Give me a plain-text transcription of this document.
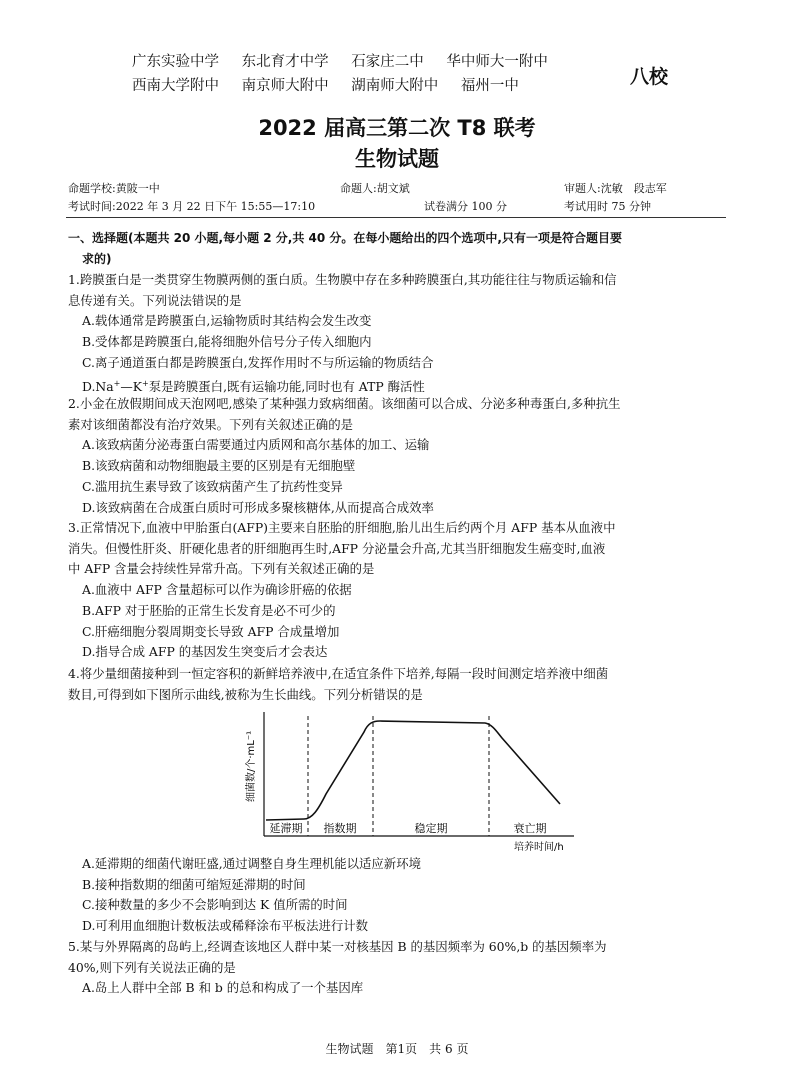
广东实验中学 东北育才中学 石家庄二中 华中师大一附中
西南大学附中 南京师大附中 湖南师大附中 福州一中	八校
2022 届高三第二次 T8 联考
生物试题
命题学校:黄陂一中	命题人:胡文斌	审题人:沈敏　段志军
考试时间:2022 年 3 月 22 日下午 15:55—17:10	试卷满分 100 分	考试用时 75 分钟
一、选择题(本题共 20 小题,每小题 2 分,共 40 分。在每小题给出的四个选项中,只有一项是符合题目要
求的)
1.跨膜蛋白是一类贯穿生物膜两侧的蛋白质。生物膜中存在多种跨膜蛋白,其功能往往与物质运输和信
息传递有关。下列说法错误的是
A.载体通常是跨膜蛋白,运输物质时其结构会发生改变
B.受体都是跨膜蛋白,能将细胞外信号分子传入细胞内
C.离子通道蛋白都是跨膜蛋白,发挥作用时不与所运输的物质结合
D.Na+—K+泵是跨膜蛋白,既有运输功能,同时也有 ATP 酶活性
2.小金在放假期间成天泡网吧,感染了某种强力致病细菌。该细菌可以合成、分泌多种毒蛋白,多种抗生
素对该细菌都没有治疗效果。下列有关叙述正确的是
A.该致病菌分泌毒蛋白需要通过内质网和高尔基体的加工、运输
B.该致病菌和动物细胞最主要的区别是有无细胞壁
C.滥用抗生素导致了该致病菌产生了抗药性变异
D.该致病菌在合成蛋白质时可形成多聚核糖体,从而提高合成效率
3.正常情况下,血液中甲胎蛋白(AFP)主要来自胚胎的肝细胞,胎儿出生后约两个月 AFP 基本从血液中
消失。但慢性肝炎、肝硬化患者的肝细胞再生时,AFP 分泌量会升高,尤其当肝细胞发生癌变时,血液
中 AFP 含量会持续性异常升高。下列有关叙述正确的是
A.血液中 AFP 含量超标可以作为确诊肝癌的依据
B.AFP 对于胚胎的正常生长发育是必不可少的
C.肝癌细胞分裂周期变长导致 AFP 合成量增加
D.指导合成 AFP 的基因发生突变后才会表达
4.将少量细菌接种到一恒定容积的新鲜培养液中,在适宜条件下培养,每隔一段时间测定培养液中细菌
数目,可得到如下图所示曲线,被称为生长曲线。下列分析错误的是
细菌数/个·mL⁻¹
延滞期 指数期	稳定期	衰亡期
培养时间/h
A.延滞期的细菌代谢旺盛,通过调整自身生理机能以适应新环境
B.接种指数期的细菌可缩短延滞期的时间
C.接种数量的多少不会影响到达 K 值所需的时间
D.可利用血细胞计数板法或稀释涂布平板法进行计数
5.某与外界隔离的岛屿上,经调查该地区人群中某一对核基因 B 的基因频率为 60%,b 的基因频率为
40%,则下列有关说法正确的是
A.岛上人群中全部 B 和 b 的总和构成了一个基因库
生物试题　第1页　共 6 页
